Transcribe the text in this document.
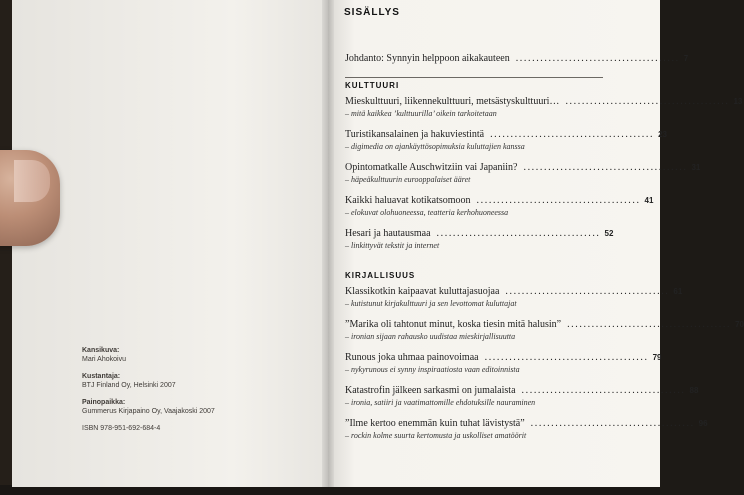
Kansikuva:
Mari Ahokoivu
Kustantaja:
BTJ Finland Oy, Helsinki 2007
Painopaikka:
Gummerus Kirjapaino Oy, Vaajakoski 2007
ISBN 978-951-692-684-4
SISÄLLYS
Johdanto: Synnyin helppoon aikakauteen ........................................ 7
KULTTUURI
Mieskulttuuri, liikennekulttuuri, metsästyskulttuuri… ........................................ 13
– mitä kaikkea ’kulttuurilla’ oikein tarkoitetaan
Turistikansalainen ja hakuviestintä ........................................ 23
– digimedia on ajankäyttösopimuksia kuluttajien kanssa
Opintomatkalle Auschwitziin vai Japaniin? ........................................ 31
– häpeäkulttuurin eurooppalaiset ääret
Kaikki haluavat kotikatsomoon ........................................ 41
– elokuvat olohuoneessa, teatteria kerhohuoneessa
Hesari ja hautausmaa ........................................ 52
– linkittyvät tekstit ja internet
KIRJALLISUUS
Klassikotkin kaipaavat kuluttajasuojaa ........................................ 61
– kutistunut kirjakulttuuri ja sen levottomat kuluttajat
”Marika oli tahtonut minut, koska tiesin mitä halusin” ........................................ 70
– ironian sijaan rahausko uudistaa mieskirjallisuutta
Runous joka uhmaa painovoimaa ........................................ 79
– nykyrunous ei synny inspiraatiosta vaan editoinnista
Katastrofin jälkeen sarkasmi on jumalaista ........................................ 88
– ironia, satiiri ja vaatimattomille ehdotuksille nauraminen
”Ilme kertoo enemmän kuin tuhat lävistystä” ........................................ 96
– rockin kolme suurta kertomusta ja uskolliset amatöörit
